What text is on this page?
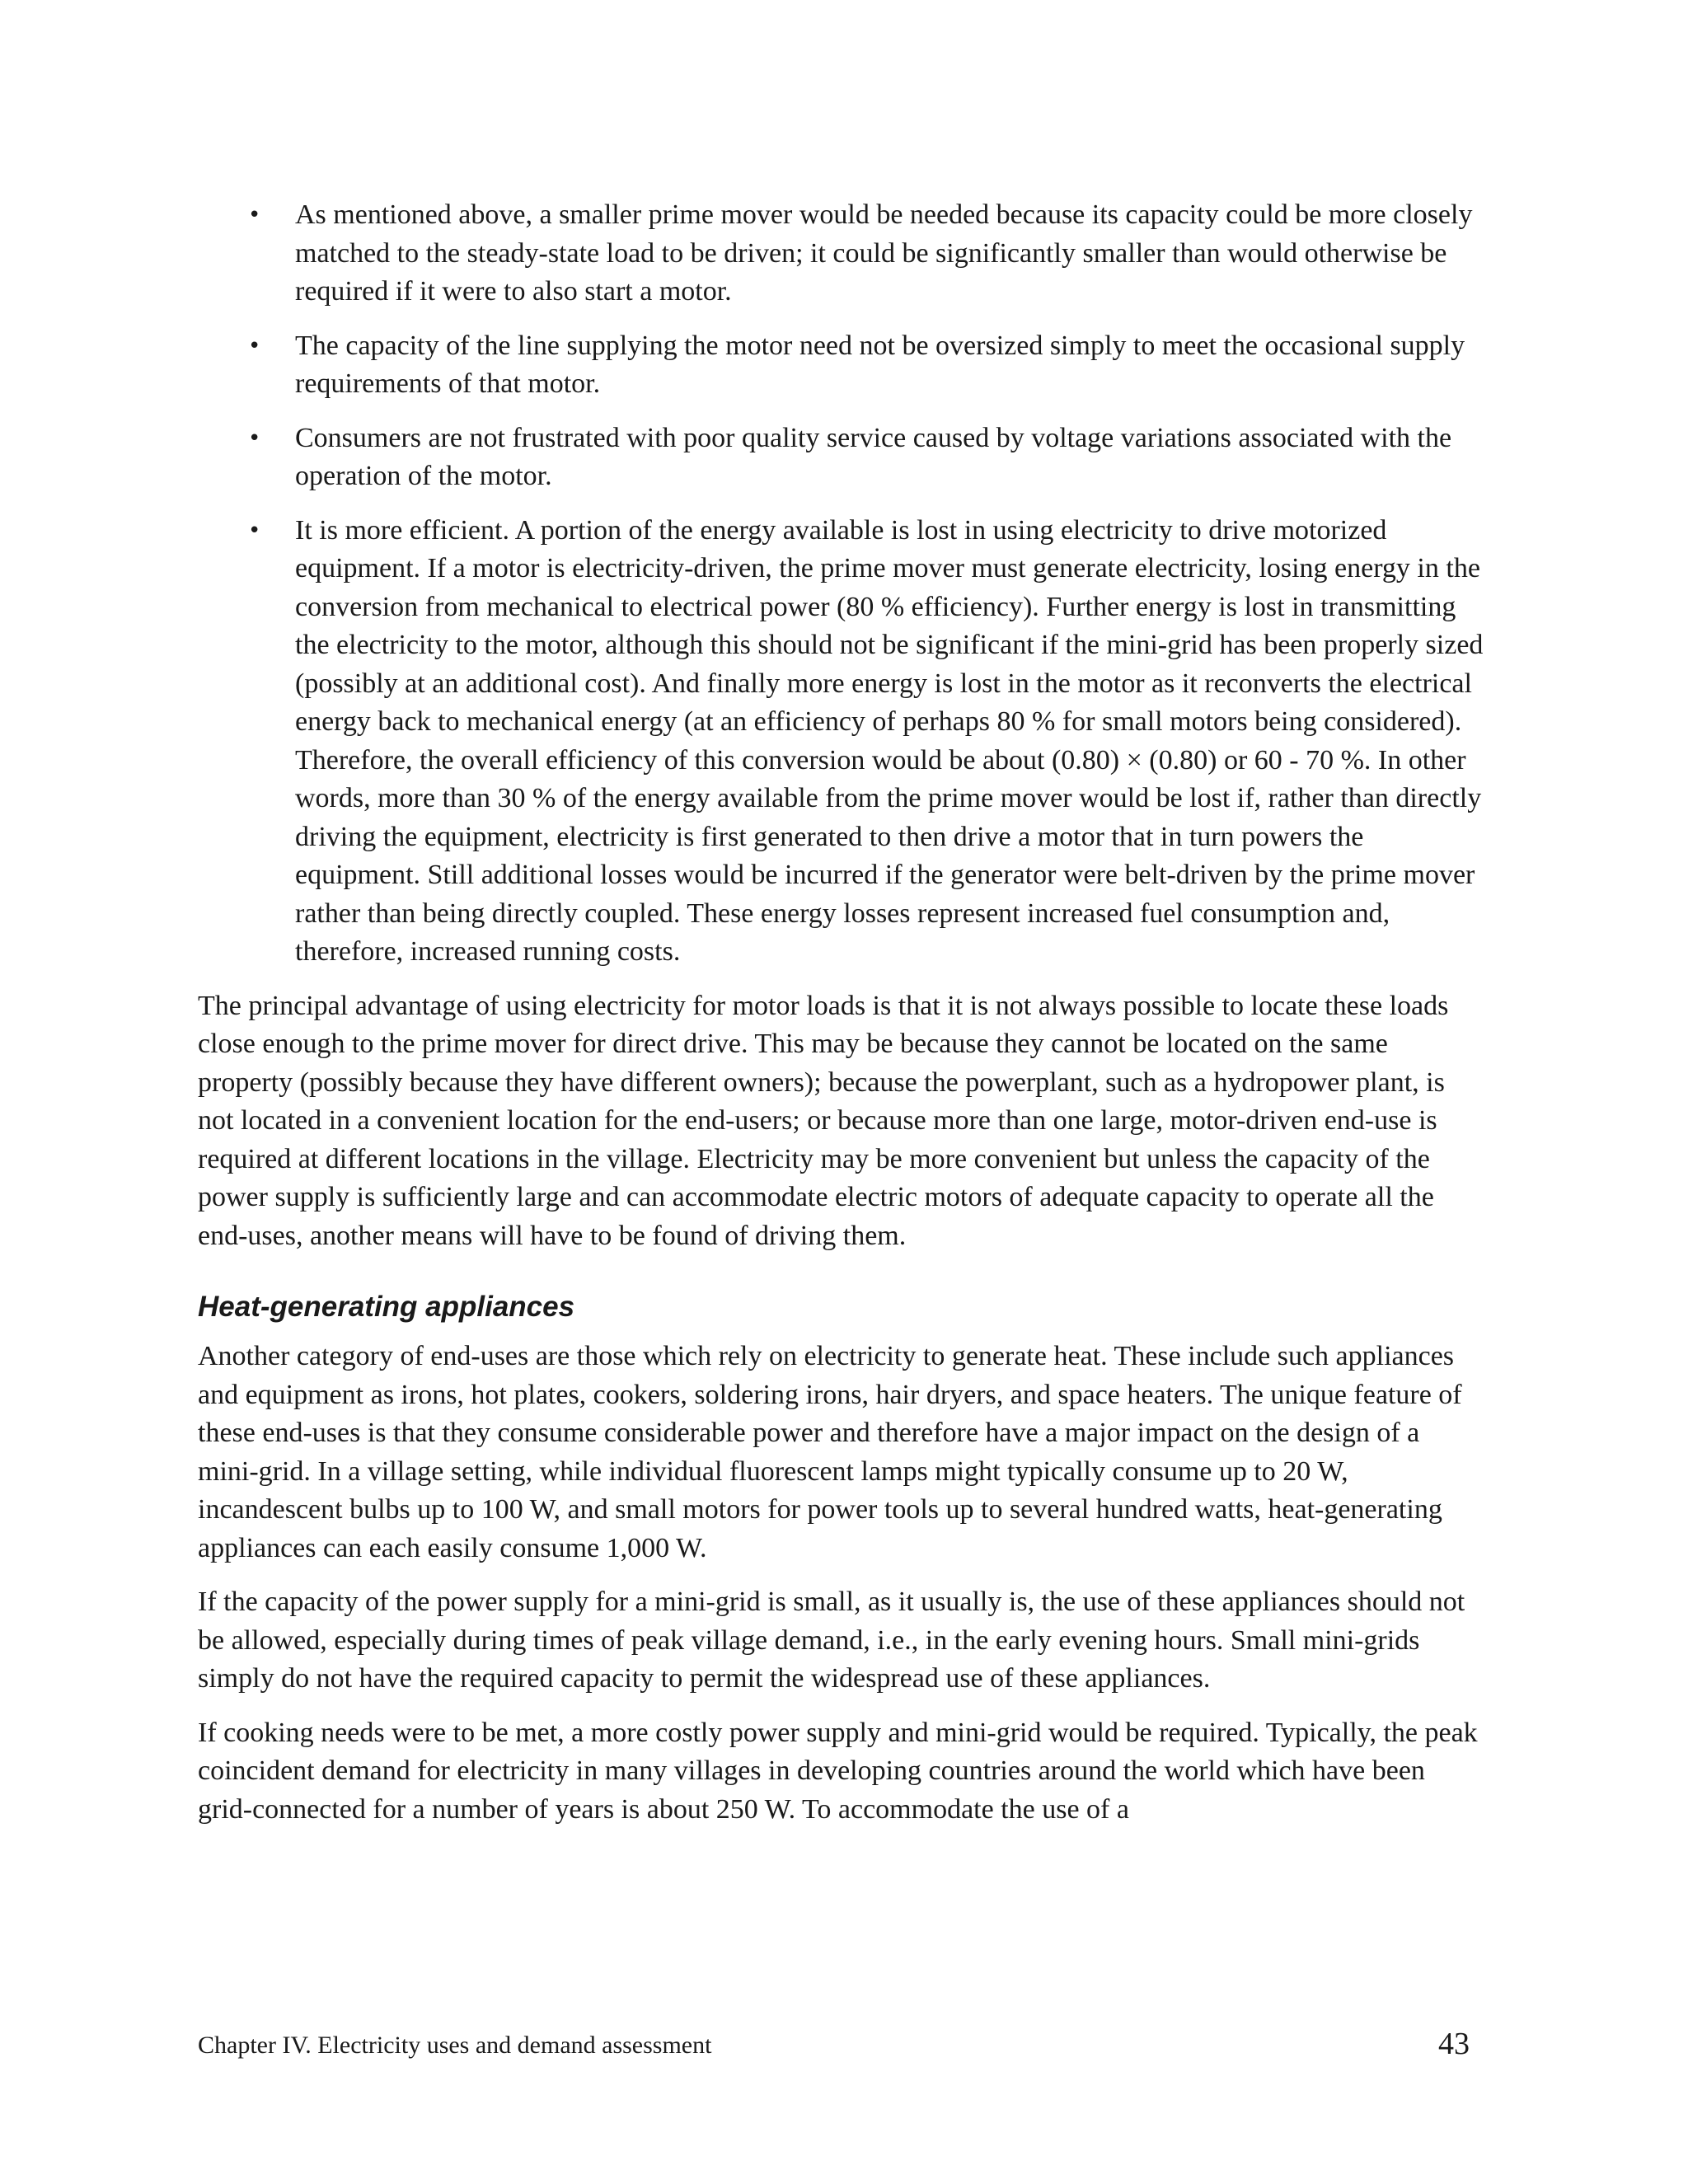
• As mentioned above, a smaller prime mover would be needed because its capacity could be more closely matched to the steady-state load to be driven; it could be significantly smaller than would otherwise be required if it were to also start a motor.
• The capacity of the line supplying the motor need not be oversized simply to meet the occasional supply requirements of that motor.
• Consumers are not frustrated with poor quality service caused by voltage variations associated with the operation of the motor.
• It is more efficient. A portion of the energy available is lost in using electricity to drive motorized equipment. If a motor is electricity-driven, the prime mover must generate electricity, losing energy in the conversion from mechanical to electrical power (80 % efficiency). Further energy is lost in transmitting the electricity to the motor, although this should not be significant if the mini-grid has been properly sized (possibly at an additional cost). And finally more energy is lost in the motor as it reconverts the electrical energy back to mechanical energy (at an efficiency of perhaps 80 % for small motors being considered). Therefore, the overall efficiency of this conversion would be about (0.80) × (0.80) or 60 - 70 %. In other words, more than 30 % of the energy available from the prime mover would be lost if, rather than directly driving the equipment, electricity is first generated to then drive a motor that in turn powers the equipment. Still additional losses would be incurred if the generator were belt-driven by the prime mover rather than being directly coupled. These energy losses represent increased fuel consumption and, therefore, increased running costs.

The principal advantage of using electricity for motor loads is that it is not always possible to locate these loads close enough to the prime mover for direct drive. This may be because they cannot be located on the same property (possibly because they have different owners); because the powerplant, such as a hydropower plant, is not located in a convenient location for the end-users; or because more than one large, motor-driven end-use is required at different locations in the village. Electricity may be more convenient but unless the capacity of the power supply is sufficiently large and can accommodate electric motors of adequate capacity to operate all the end-uses, another means will have to be found of driving them.

Heat-generating appliances

Another category of end-uses are those which rely on electricity to generate heat. These include such appliances and equipment as irons, hot plates, cookers, soldering irons, hair dryers, and space heaters. The unique feature of these end-uses is that they consume considerable power and therefore have a major impact on the design of a mini-grid. In a village setting, while individual fluorescent lamps might typically consume up to 20 W, incandescent bulbs up to 100 W, and small motors for power tools up to several hundred watts, heat-generating appliances can each easily consume 1,000 W.

If the capacity of the power supply for a mini-grid is small, as it usually is, the use of these appliances should not be allowed, especially during times of peak village demand, i.e., in the early evening hours. Small mini-grids simply do not have the required capacity to permit the widespread use of these appliances.

If cooking needs were to be met, a more costly power supply and mini-grid would be required. Typically, the peak coincident demand for electricity in many villages in developing countries around the world which have been grid-connected for a number of years is about 250 W. To accommodate the use of a

Chapter IV. Electricity uses and demand assessment	43
